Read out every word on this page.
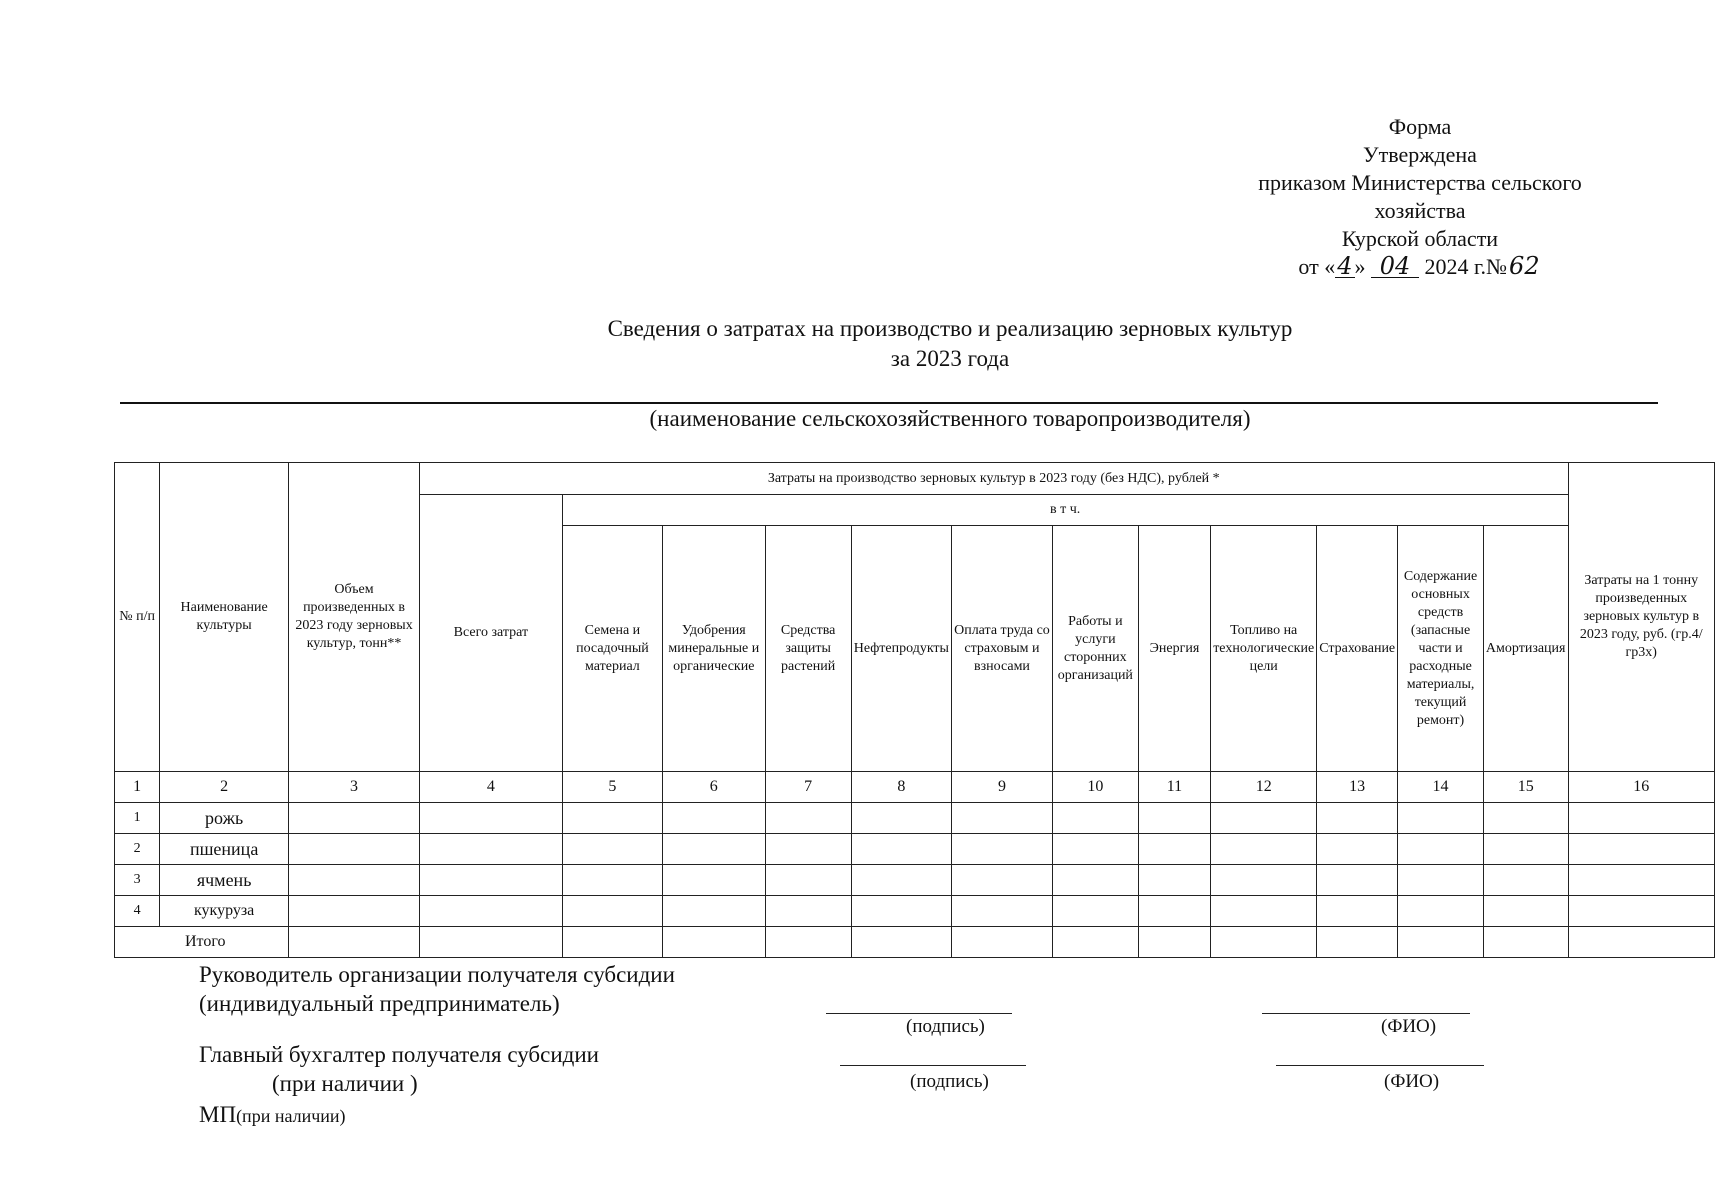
Форма
Утверждена
приказом Министерства сельского
хозяйства
Курской области
от «4» 04 2024 г.№62
Сведения о затратах на производство и реализацию зерновых культур
за 2023 года
(наименование сельскохозяйственного товаропроизводителя)
№ п/п	Наименование культуры	Объем произведенных в 2023 году зерновых культур, тонн**	Затраты на производство зерновых культур в 2023 году (без НДС), рублей *												Затраты на 1 тонну произведенных зерновых культур в 2023 году, руб. (гр.4/гр3х)
			Всего затрат	в т ч.											
				Семена и посадочный материал	Удобрения минеральные и органические	Средства защиты растений	Нефтепродукты	Оплата труда со страховым и взносами	Работы и услуги сторонних организаций	Энергия	Топливо на технологические цели	Страхование	Содержание основных средств (запасные части и расходные материалы, текущий ремонт)	Амортизация	
1	2	3	4	5	6	7	8	9	10	11	12	13	14	15	16
1	рожь														
2	пшеница														
3	ячмень														
4	кукуруза														
Итого															
Руководитель организации получателя субсидии
(индивидуальный предприниматель)
(подпись)	(ФИО)
Главный бухгалтер получателя субсидии
(при наличии )	(подпись)	(ФИО)
МП(при наличии)
